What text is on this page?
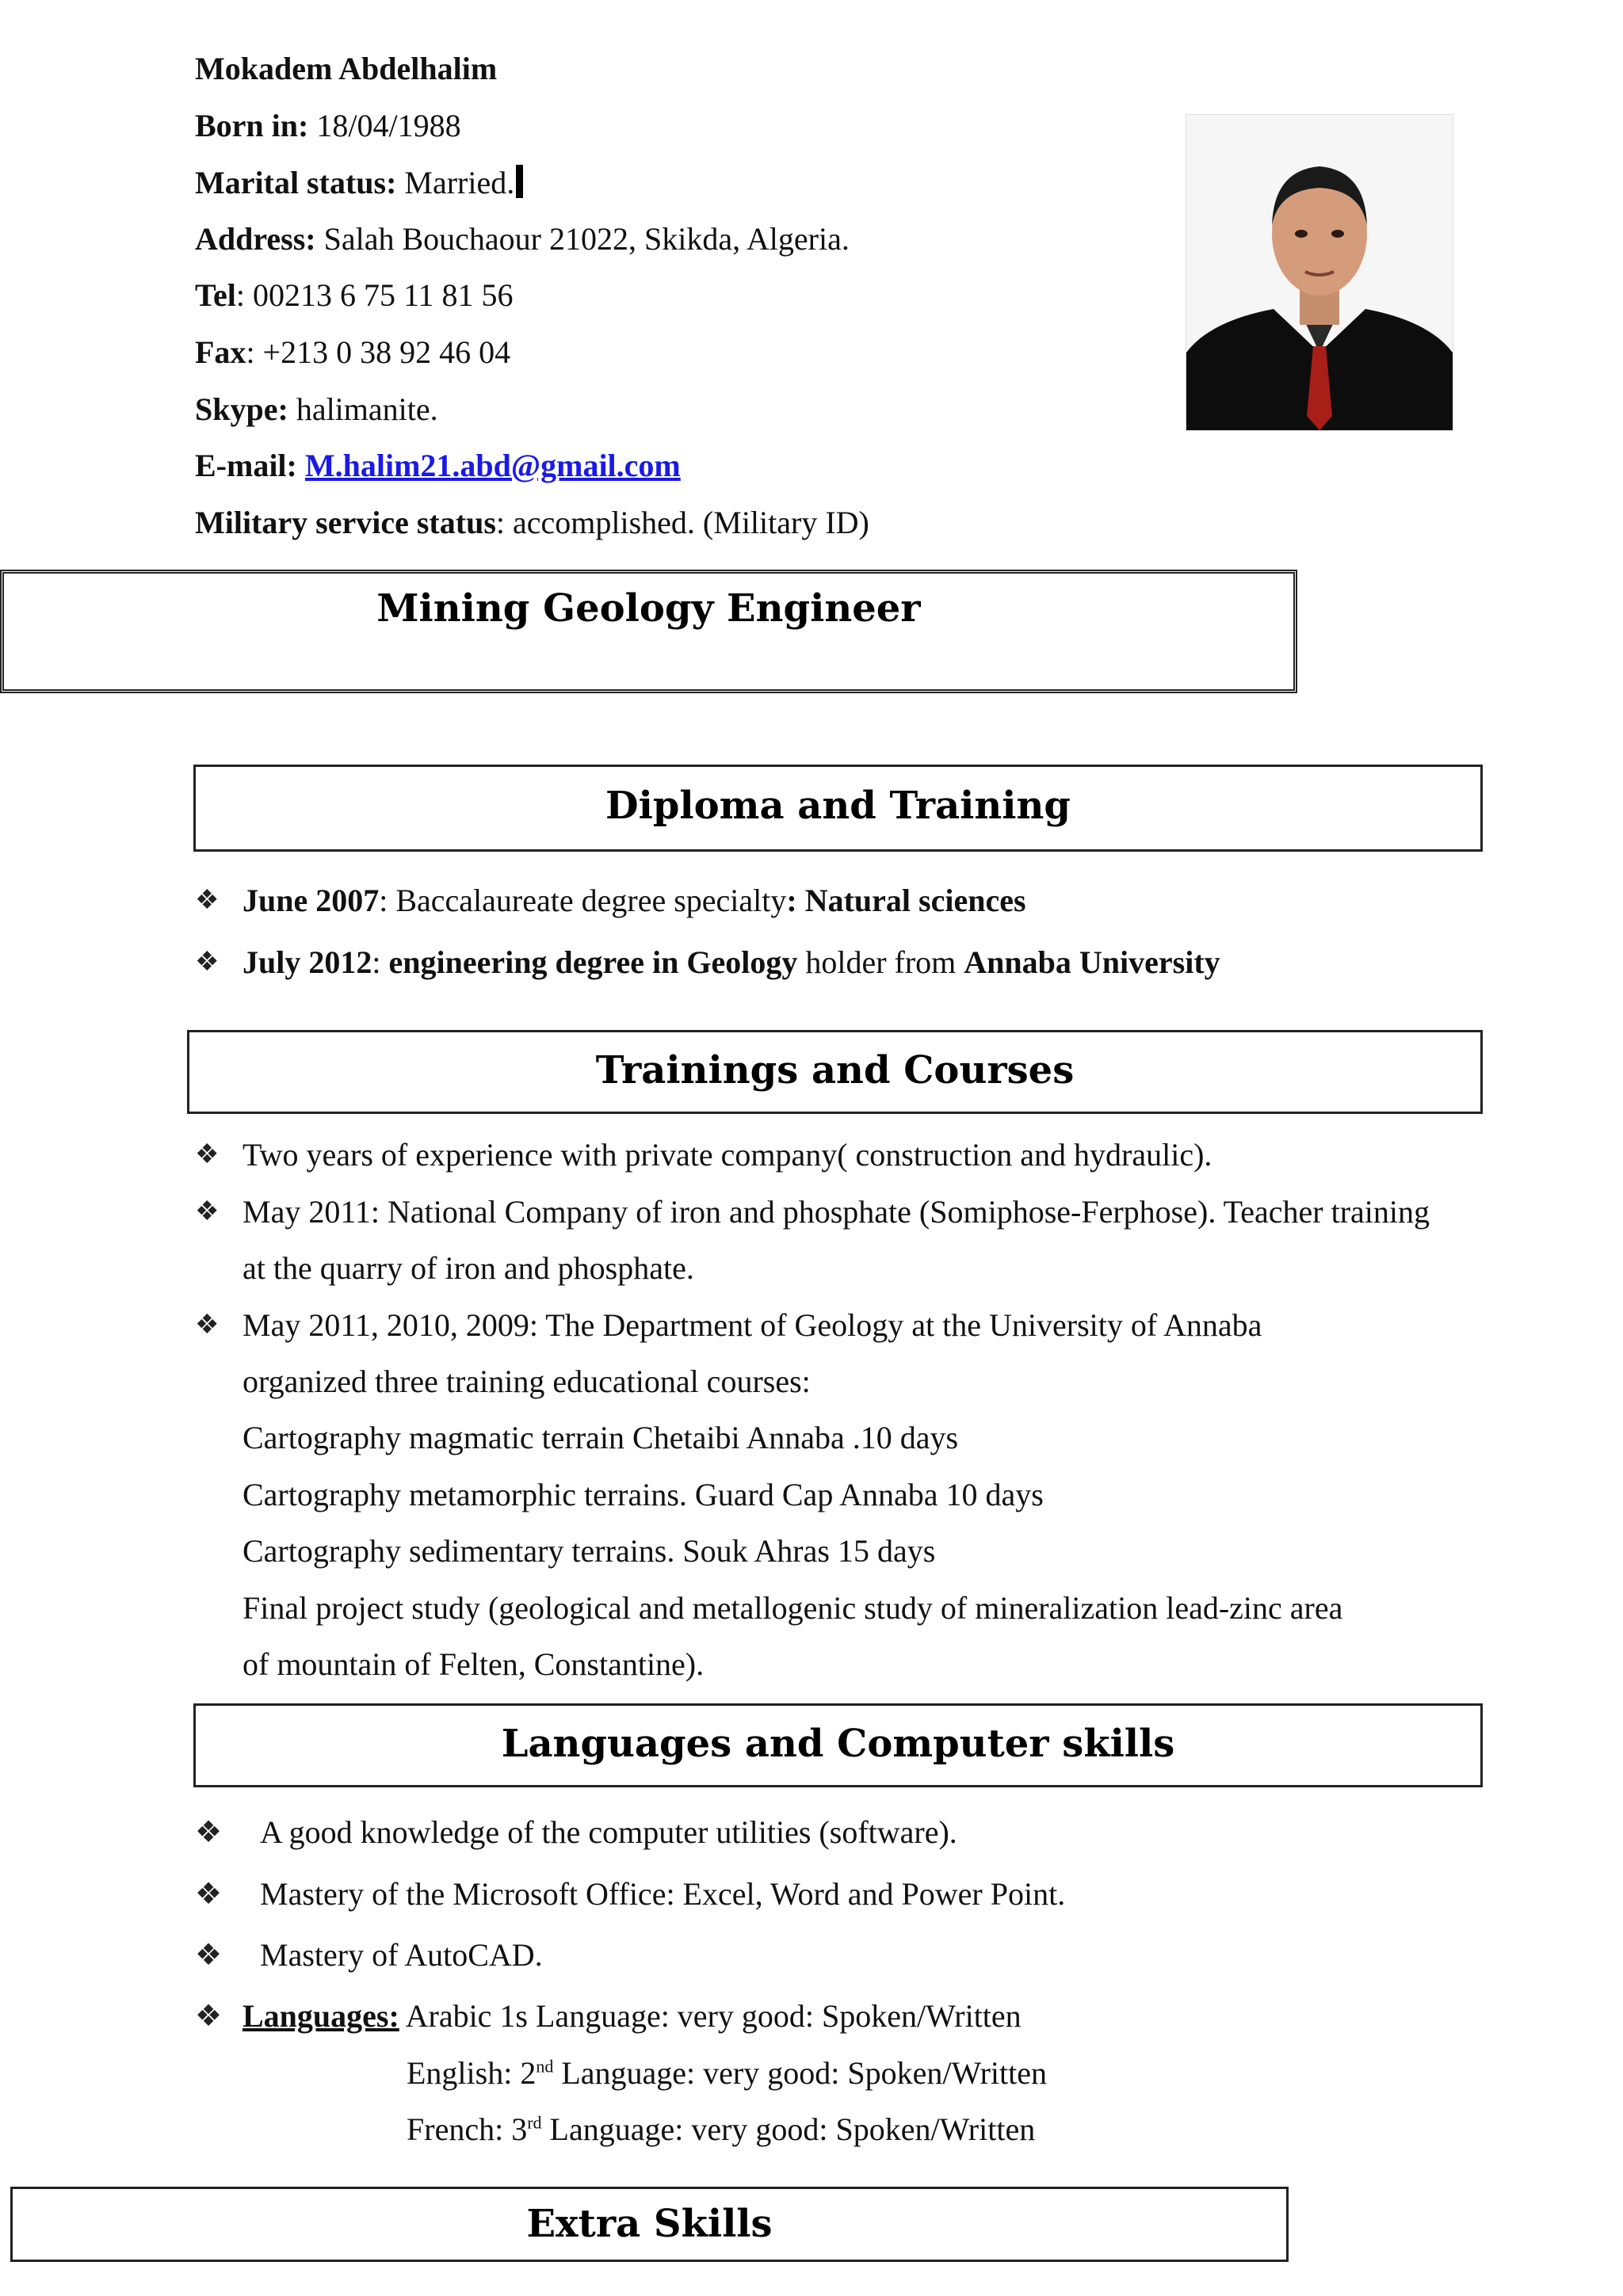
Mokadem Abdelhalim
Born in: 18/04/1988
Marital status: Married.
Address: Salah Bouchaour 21022, Skikda, Algeria.
Tel: 00213 6 75 11 81 56
Fax: +213 0 38 92 46 04
Skype: halimanite.
E-mail: M.halim21.abd@gmail.com
Military service status: accomplished. (Military ID)
Mining Geology Engineer
Diploma and Training
❖ June 2007: Baccalaureate degree specialty: Natural sciences
❖ July 2012: engineering degree in Geology holder from Annaba University
Trainings and Courses
❖ Two years of experience with private company( construction and hydraulic).
❖ May 2011: National Company of iron and phosphate (Somiphose-Ferphose). Teacher training
at the quarry of iron and phosphate.
❖ May 2011, 2010, 2009: The Department of Geology at the University of Annaba
organized three training educational courses:
Cartography magmatic terrain Chetaibi Annaba .10 days
Cartography metamorphic terrains. Guard Cap Annaba 10 days
Cartography sedimentary terrains. Souk Ahras 15 days
Final project study (geological and metallogenic study of mineralization lead-zinc area
of mountain of Felten, Constantine).
Languages and Computer skills
❖ A good knowledge of the computer utilities (software).
❖ Mastery of the Microsoft Office: Excel, Word and Power Point.
❖ Mastery of AutoCAD.
❖ Languages: Arabic 1s Language: very good: Spoken/Written
English: 2nd Language: very good: Spoken/Written
French: 3rd Language: very good: Spoken/Written
Extra Skills
